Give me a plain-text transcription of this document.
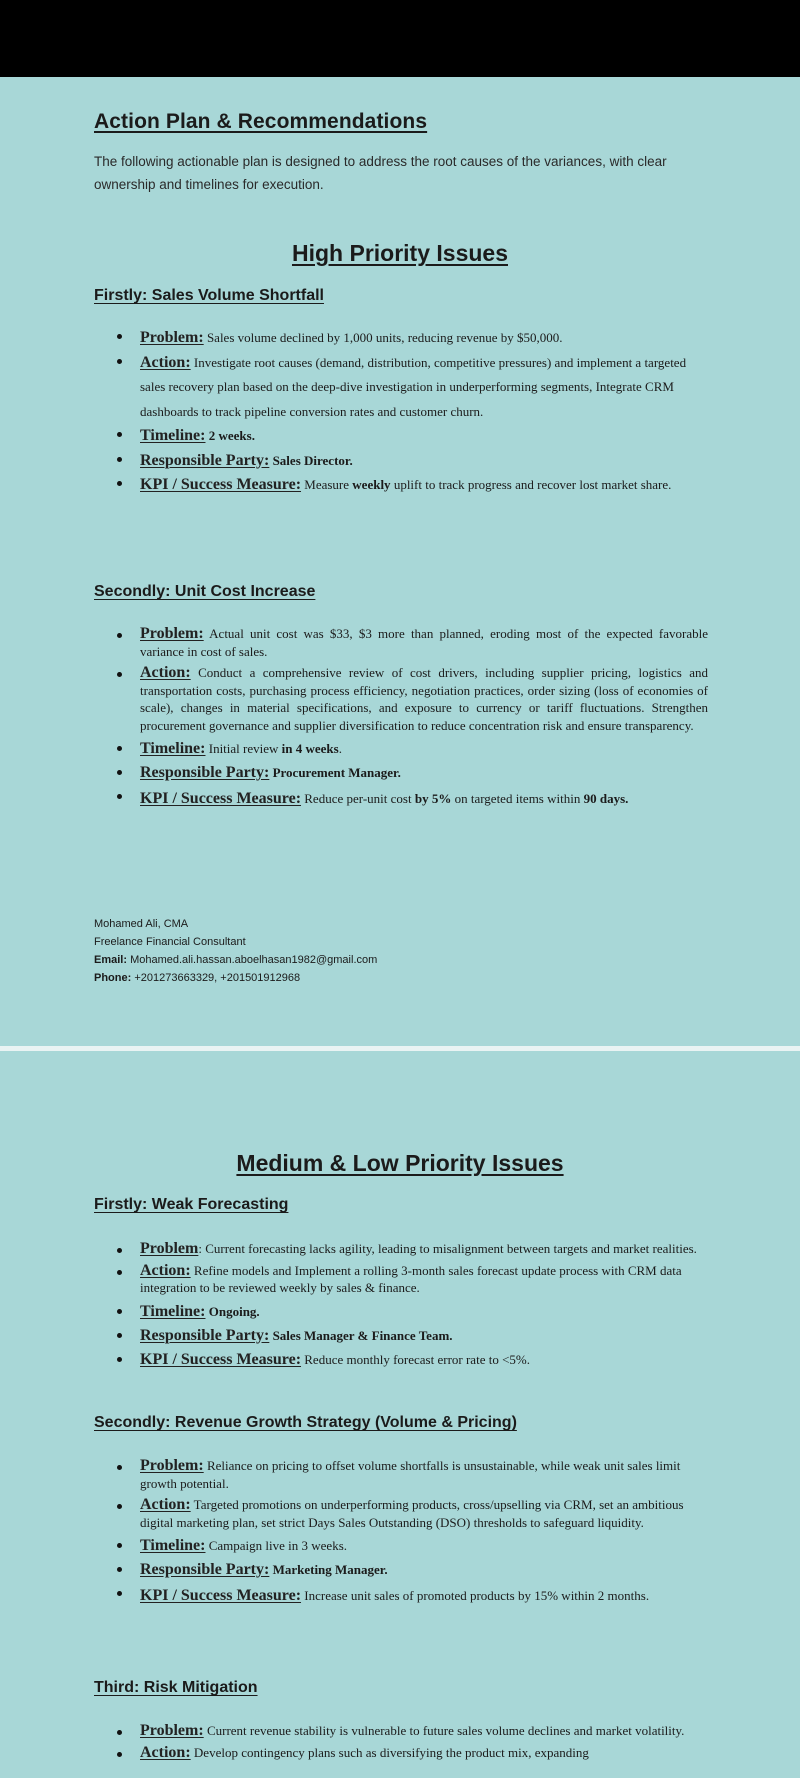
Action Plan & Recommendations

The following actionable plan is designed to address the root causes of the variances, with clear ownership and timelines for execution.

High Priority Issues
Firstly: Sales Volume Shortfall
Problem: Sales volume declined by 1,000 units, reducing revenue by $50,000.
Action: Investigate root causes (demand, distribution, competitive pressures) and implement a targeted sales recovery plan based on the deep-dive investigation in underperforming segments, Integrate CRM dashboards to track pipeline conversion rates and customer churn.
Timeline: 2 weeks.
Responsible Party: Sales Director.
KPI / Success Measure: Measure weekly uplift to track progress and recover lost market share.
Secondly: Unit Cost Increase
Problem: Actual unit cost was $33, $3 more than planned, eroding most of the expected favorable variance in cost of sales.
Action: Conduct a comprehensive review of cost drivers, including supplier pricing, logistics and transportation costs, purchasing process efficiency, negotiation practices, order sizing (loss of economies of scale), changes in material specifications, and exposure to currency or tariff fluctuations. Strengthen procurement governance and supplier diversification to reduce concentration risk and ensure transparency.
Timeline: Initial review in 4 weeks.
Responsible Party: Procurement Manager.
KPI / Success Measure: Reduce per-unit cost by 5% on targeted items within 90 days.
Mohamed Ali, CMA
Freelance Financial Consultant
Email: Mohamed.ali.hassan.aboelhasan1982@gmail.com
Phone: +201273663329, +201501912968
Medium & Low Priority Issues
Firstly: Weak Forecasting
Problem: Current forecasting lacks agility, leading to misalignment between targets and market realities.
Action: Refine models and Implement a rolling 3-month sales forecast update process with CRM data integration to be reviewed weekly by sales & finance.
Timeline: Ongoing.
Responsible Party: Sales Manager & Finance Team.
KPI / Success Measure: Reduce monthly forecast error rate to <5%.
Secondly: Revenue Growth Strategy (Volume & Pricing)
Problem: Reliance on pricing to offset volume shortfalls is unsustainable, while weak unit sales limit growth potential.
Action: Targeted promotions on underperforming products, cross/upselling via CRM, set an ambitious digital marketing plan, set strict Days Sales Outstanding (DSO) thresholds to safeguard liquidity.
Timeline: Campaign live in 3 weeks.
Responsible Party: Marketing Manager.
KPI / Success Measure: Increase unit sales of promoted products by 15% within 2 months.
Third: Risk Mitigation
Problem: Current revenue stability is vulnerable to future sales volume declines and market volatility.
Action: Develop contingency plans such as diversifying the product mix, expanding
